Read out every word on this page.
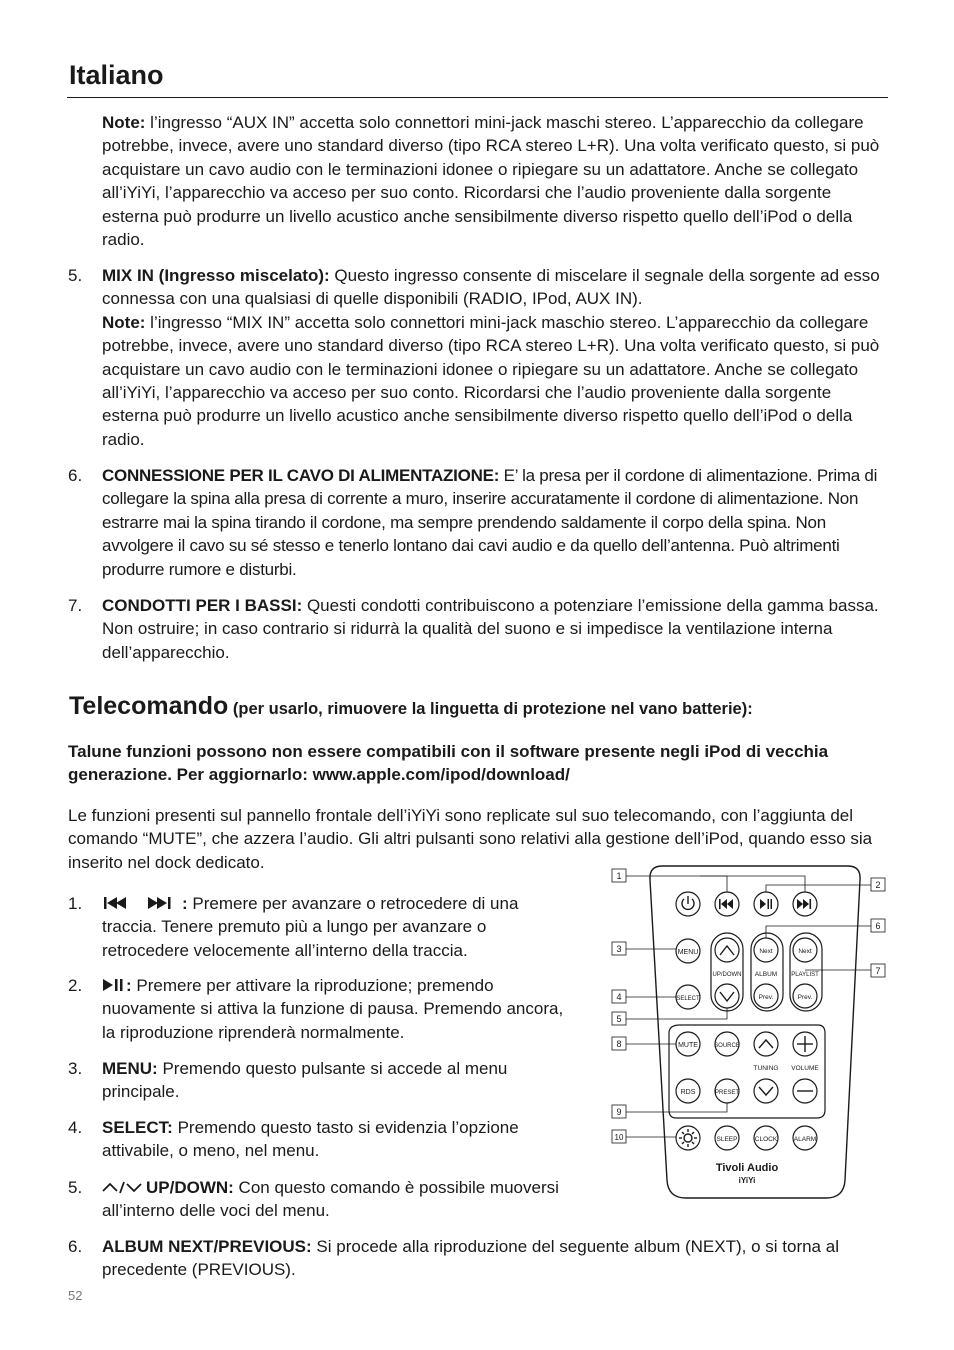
Italiano

Note: l’ingresso “AUX IN” accetta solo connettori mini-jack maschi stereo. L’apparecchio da collegare potrebbe, invece, avere uno standard diverso (tipo RCA stereo L+R). Una volta verificato questo, si può acquistare un cavo audio con le terminazioni idonee o ripiegare su un adattatore. Anche se collegato all’iYiYi, l’apparecchio va acceso per suo conto. Ricordarsi che l’audio proveniente dalla sorgente esterna può produrre un livello acustico anche sensibilmente diverso rispetto quello dell’iPod o della radio.

5. MIX IN (Ingresso miscelato): Questo ingresso consente di miscelare il segnale della sorgente ad esso connessa con una qualsiasi di quelle disponibili (RADIO, IPod, AUX IN).
Note: l’ingresso “MIX IN” accetta solo connettori mini-jack maschio stereo. L’apparecchio da collegare potrebbe, invece, avere uno standard diverso (tipo RCA stereo L+R). Una volta verificato questo, si può acquistare un cavo audio con le terminazioni idonee o ripiegare su un adattatore. Anche se collegato all’iYiYi, l’apparecchio va acceso per suo conto. Ricordarsi che l’audio proveniente dalla sorgente esterna può produrre un livello acustico anche sensibilmente diverso rispetto quello dell’iPod o della radio.

6. CONNESSIONE PER IL CAVO DI ALIMENTAZIONE: E’ la presa per il cordone di alimentazione. Prima di collegare la spina alla presa di corrente a muro, inserire accuratamente il cordone di alimentazione. Non estrarre mai la spina tirando il cordone, ma sempre prendendo saldamente il corpo della spina. Non avvolgere il cavo su sé stesso e tenerlo lontano dai cavi audio e da quello dell’antenna. Può altrimenti produrre rumore e disturbi.

7. CONDOTTI PER I BASSI: Questi condotti contribuiscono a potenziare l’emissione della gamma bassa. Non ostruire; in caso contrario si ridurrà la qualità del suono e si impedisce la ventilazione interna dell’apparecchio.

Telecomando (per usarlo, rimuovere la linguetta di protezione nel vano batterie):

Talune funzioni possono non essere compatibili con il software presente negli iPod di vecchia generazione. Per aggiornarlo: www.apple.com/ipod/download/

Le funzioni presenti sul pannello frontale dell’iYiYi sono replicate sul suo telecomando, con l’aggiunta del comando “MUTE”, che azzera l’audio. Gli altri pulsanti sono relativi alla gestione dell’iPod, quando esso sia inserito nel dock dedicato.

1.	: Premere per avanzare o retrocedere di una traccia. Tenere premuto più a lungo per avanzare o retrocedere velocemente all’interno della traccia.

2.	: Premere per attivare la riproduzione; premendo nuovamente si attiva la funzione di pausa. Premendo ancora, la riproduzione riprenderà normalmente.

3. MENU: Premendo questo pulsante si accede al menu principale.

4. SELECT: Premendo questo tasto si evidenzia l’opzione attivabile, o meno, nel menu.

5.	UP/DOWN: Con questo comando è possibile muoversi all’interno delle voci del menu.

6. ALBUM NEXT/PREVIOUS: Si procede alla riproduzione del seguente album (NEXT), o si torna al precedente (PREVIOUS).

MENU
SELECT
UP/DOWN
Next
ALBUM
Prev.
Next
PLAYLIST
Prev.
MUTE	SOURCE
TUNING VOLUME
RDS	PRESET
SLEEP	CLOCK	ALARM
Tivoli Audio
iYiYi
1
2
3
4
5
6
7
8
9
10
52
